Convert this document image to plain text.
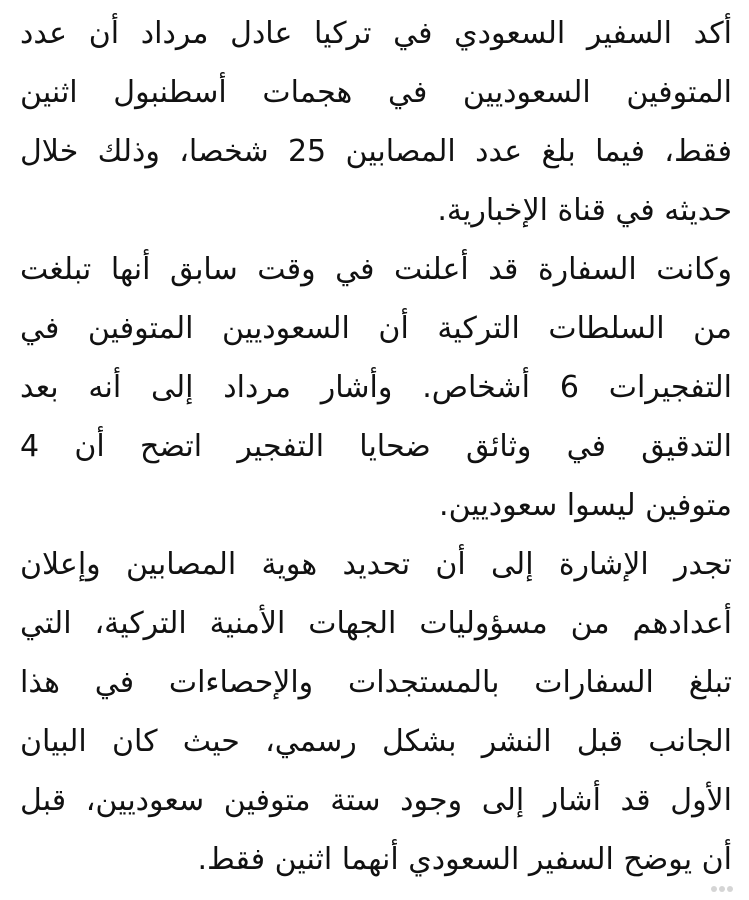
أكد السفير السعودي في تركيا عادل مرداد أن عدد
المتوفين السعوديين في هجمات أسطنبول اثنين
فقط، فيما بلغ عدد المصابين 25 شخصا، وذلك خلال
حديثه في قناة الإخبارية.
وكانت السفارة قد أعلنت في وقت سابق أنها تبلغت
من السلطات التركية أن السعوديين المتوفين في
التفجيرات 6 أشخاص. وأشار مرداد إلى أنه بعد
التدقيق في وثائق ضحايا التفجير اتضح أن 4
متوفين ليسوا سعوديين.
تجدر الإشارة إلى أن تحديد هوية المصابين وإعلان
أعدادهم من مسؤوليات الجهات الأمنية التركية، التي
تبلغ السفارات بالمستجدات والإحصاءات في هذا
الجانب قبل النشر بشكل رسمي، حيث كان البيان
الأول قد أشار إلى وجود ستة متوفين سعوديين، قبل
أن يوضح السفير السعودي أنهما اثنين فقط.
